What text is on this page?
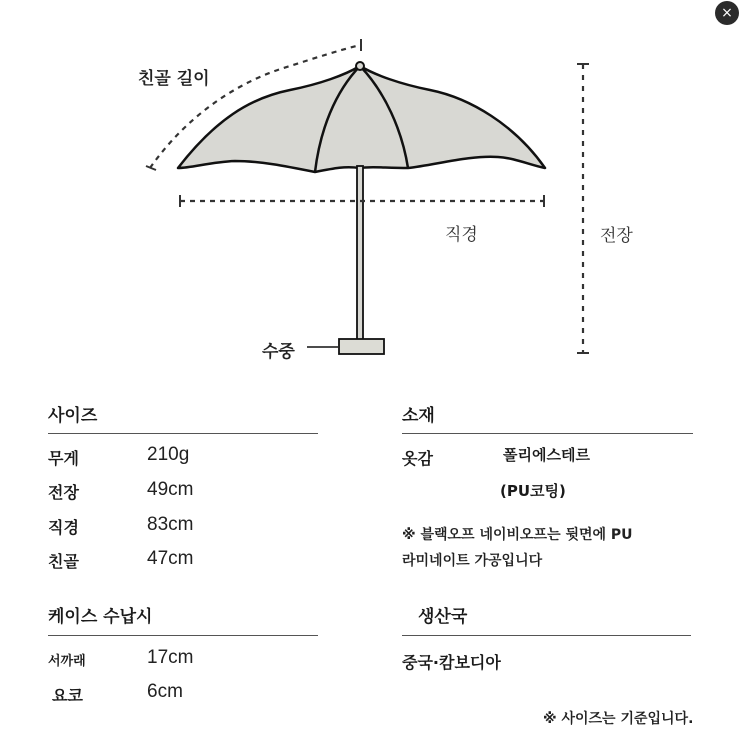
×
친골 길이
직경	전장
수중
사이즈
무게	210g
전장	49cm
직경	83cm
친골	47cm
케이스 수납시
서까래	17cm
요코	6cm
소재
옷감	폴리에스테르
(PU코팅)
※ 블랙오프 네이비오프는 뒷면에 PU
라미네이트 가공입니다
생산국
중국·캄보디아
※ 사이즈는 기준입니다.
